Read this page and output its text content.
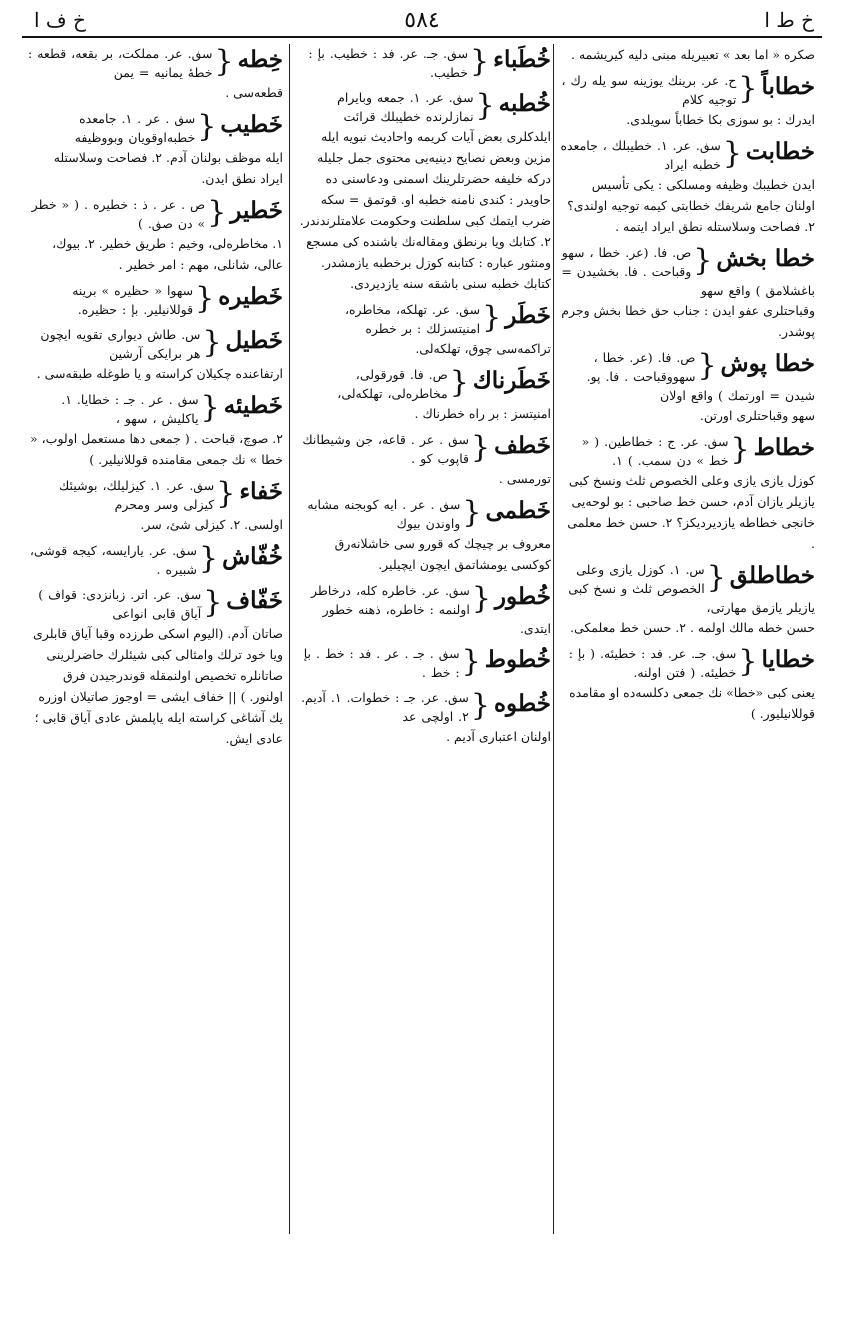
خ ف ا	٥٨٤	خ ط ا
صكره « اما بعد » تعبيريله مبنى دليه كيريشمه .
خطاباً
{
ح. عر. برينك يوزينه سو يله رك ، توجيه كلام
ايدرك : بو سوزى بكا خطاباً سويلدى.
خطابت
{
سڧ. عر. ١. خطيبلك ، جامعده خطبه ايراد
ايدن خطيبك وظيفه ومسلكى : يكى تأسيس اولنان جامع شريفك خطابتى كيمه توجيه اولندى؟ ٢. فصاحت وسلاستله نطق ايراد ايتمه .
خطا بخش
{
ص. فا. (عر. خطا ، سهو وقباحت . فا. بخشيدن = باغشلامق ) واقع سهو
وقباحتلرى عفو ايدن : جناب حق خطا بخش وجرم پوشدر.
خطا پوش
{
ص. فا. (عر. خطا ، سهووقباحت . فا. پو. شيدن = اورتمك ) واقع اولان
سهو وقباحتلرى اورتن.
خطاط
{
سڧ. عر. ج : خطاطين. ( « خط » دن سمب. ) ١.
كوزل يازى يازى وعلى الخصوص ثلث ونسخ كبى يازيلر يازان آدم، حسن خط صاحبى : بو لوحه‌يى خانجى خطاطه يازديرديكز؟ ٢. حسن خط معلمى .
خطاطلق
{
س. ١. كوزل يازى وعلى الخصوص ثلث و نسخ كبى يازيلر يازمق مهارتى،
حسن خطه مالك اولمه . ٢. حسن خط معلمكى.
خطايا
{
سڧ. جـ. عر. فد : خطيئه. ( بإ : خطيئه. ( فتن اولنه.
يعنى كبى «خطا» نك جمعى دكلسه‌ده او مقامده قوللانيليور. )
خُطَباء
{
سڧ. جـ. عر. فد : خطيب. بإ : خطيب.
خُطبه
{
سڧ. عر. ١. جمعه وبايرام نمازلرنده خطيبلك قرائت
ايلدكلرى بعض آيات كريمه واحاديث نبويه ايله مزين وبعض نصايح دينيه‌يى محتوى جمل جليله دركه خليفه حضرتلرينك اسمنى ودعاسنى ده حاويدر : كندى نامنه خطبه او. قوتمق = سكه ضرب ايتمك كبى سلطنت وحكومت علامتلرندندر. ٢. كتابك ويا برنطق ومقاله‌نك باشنده كى مسجع ومنثور عباره : كتابنه كوزل برخطبه يازمشدر. كتابك خطبه سنى باشقه سنه يازديردى.
خَطَر
{
سڧ. عر. تهلكه، مخاطره، امنيتسزلك : بر خطره
تراكمه‌سى چوق، تهلكه‌لى.
خَطَرناك
{
ص. فا. قورقولى، مخاطره‌لى، تهلكه‌لى،
امنيتسز : بر راه خطرناك .
خَطف
{
سڧ . عر . قاعه، جن وشيطانك قاپوب كو .
تورمسى .
خَطمى
{
سڧ . عر . ايه كوبجنه مشابه واوندن بيوك
معروف بر چيچك كه قورو سى خاشلانه‌رق كوكسى يومشاتمق ايچون ايچيلير.
خُطور
{
سڧ. عر. خاطره كله، درخاطر اولنمه : خاطره، ذهنه خطور ايتدى.
خُطوط
{
سڧ . جـ . عر . فد : خط . بإ : خط .
خُطوه
{
سڧ. عر. جـ : خطوات. ١. آديم. ٢. اولچى عد
اولنان اعتبارى آديم .
خِطه
{
سڧ. عر. مملكت، بر بقعه، قطعه : خطۀ يمانيه = يمن
قطعه‌سى .
خَطيب
{
سڧ . عر . ١. جامعده خطبه‌اوقويان وبووظيفه
ايله موظف بولنان آدم. ٢. فصاحت وسلاستله ايراد نطق ايدن.
خَطير
{
ص . عر . ذ : خطيره . ( « خطر » دن صڧ. )
١. مخاطره‌لى، وخيم : طريق خطير. ٢. بيوك، عالى، شانلى، مهم : امر خطير .
خَطيره
{
سهوا « حظيره » برينه قوللانيلير. بإ : حظيره.
خَطيل
{
س. طاش ديوارى تقويه ايچون هر برايكى آرشين
ارتفاعنده چكيلان كراسته و يا طوغله طبقه‌سى .
خَطيئه
{
سڧ . عر . جـ : خطايا. ١. ياكليش ، سهو ،
٢. صوچ، قباحت . ( جمعى دها مستعمل اولوب، « خطا » نك جمعى مقامنده قوللانيلير. )
خَفاء
{
سڧ. عر. ١. كيزليلك، بوشيئك كيزلى وسر ومحرم
اولسى. ٢. كيزلى شئ، سر.
خُفّاش
{
سڧ. عر. يارايسه، كيجه قوشى، شبيره .
خَفّاف
{
سڧ. عر. اتر. زبانزدى: قواف ) آياق قابى انواعى
صاتان آدم. (اليوم اسكى طرزده وقبا آياق قابلرى ويا خود ترلك وامثالى كبى شيئلرك حاضرلرينى صاتانلره تخصيص اولنمقله قوندرجيدن فرق اولنور. ) || خفاف ايشى = اوجوز صاتيلان اوزره يك آشاغى كراسته ايله ياپلمش عادى آياق قابى ؛ عادى ايش.
